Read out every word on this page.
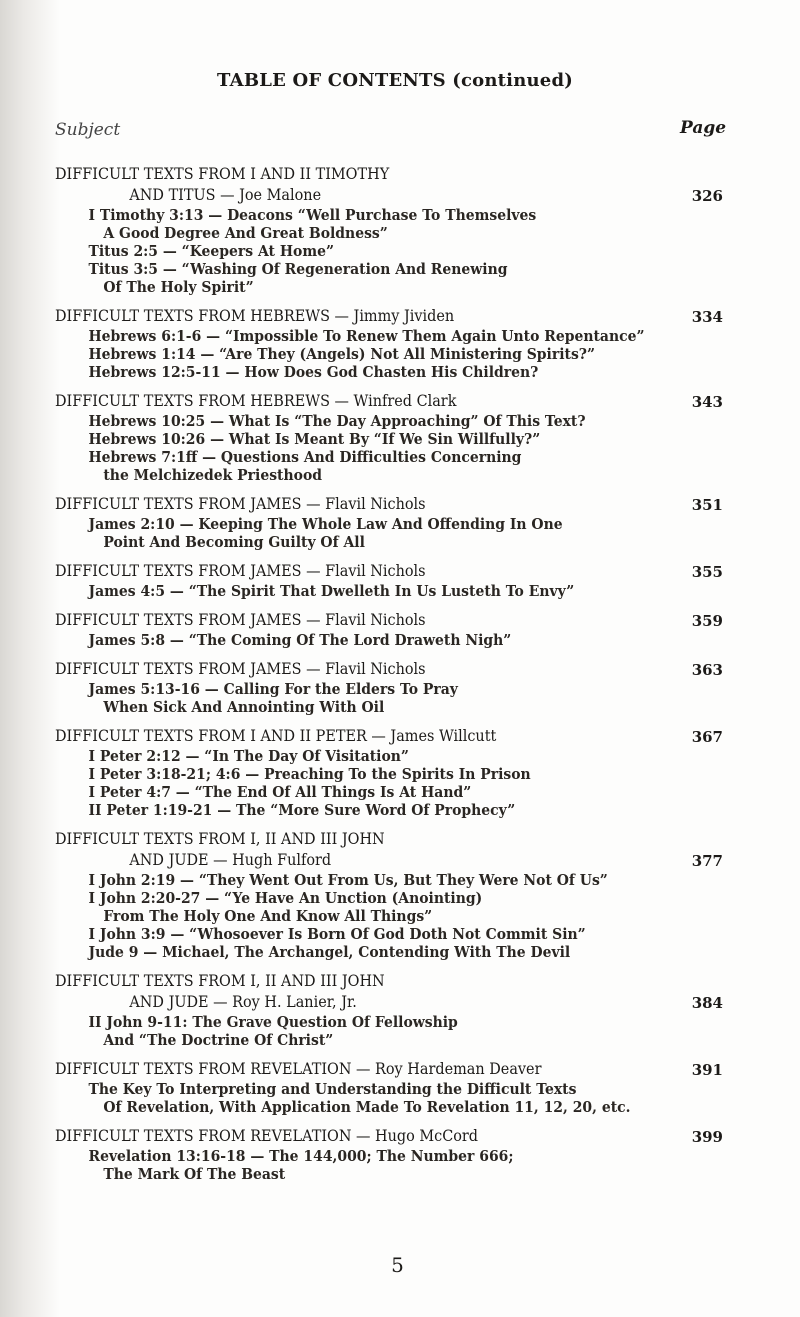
TABLE OF CONTENTS (continued)
Subject	Page
DIFFICULT TEXTS FROM I AND II TIMOTHY
AND TITUS — Joe Malone	326
I Timothy 3:13 — Deacons “Well Purchase To Themselves
A Good Degree And Great Boldness”
Titus 2:5 — “Keepers At Home”
Titus 3:5 — “Washing Of Regeneration And Renewing
Of The Holy Spirit”
DIFFICULT TEXTS FROM HEBREWS — Jimmy Jividen	334
Hebrews 6:1-6 — “Impossible To Renew Them Again Unto Repentance”
Hebrews 1:14 — “Are They (Angels) Not All Ministering Spirits?”
Hebrews 12:5-11 — How Does God Chasten His Children?
DIFFICULT TEXTS FROM HEBREWS — Winfred Clark	343
Hebrews 10:25 — What Is “The Day Approaching” Of This Text?
Hebrews 10:26 — What Is Meant By “If We Sin Willfully?”
Hebrews 7:1ff — Questions And Difficulties Concerning
the Melchizedek Priesthood
DIFFICULT TEXTS FROM JAMES — Flavil Nichols	351
James 2:10 — Keeping The Whole Law And Offending In One
Point And Becoming Guilty Of All
DIFFICULT TEXTS FROM JAMES — Flavil Nichols	355
James 4:5 — “The Spirit That Dwelleth In Us Lusteth To Envy”
DIFFICULT TEXTS FROM JAMES — Flavil Nichols	359
James 5:8 — “The Coming Of The Lord Draweth Nigh”
DIFFICULT TEXTS FROM JAMES — Flavil Nichols	363
James 5:13-16 — Calling For the Elders To Pray
When Sick And Annointing With Oil
DIFFICULT TEXTS FROM I AND II PETER — James Willcutt	367
I Peter 2:12 — “In The Day Of Visitation”
I Peter 3:18-21; 4:6 — Preaching To the Spirits In Prison
I Peter 4:7 — “The End Of All Things Is At Hand”
II Peter 1:19-21 — The “More Sure Word Of Prophecy”
DIFFICULT TEXTS FROM I, II AND III JOHN
AND JUDE — Hugh Fulford	377
I John 2:19 — “They Went Out From Us, But They Were Not Of Us”
I John 2:20-27 — “Ye Have An Unction (Anointing)
From The Holy One And Know All Things”
I John 3:9 — “Whosoever Is Born Of God Doth Not Commit Sin”
Jude 9 — Michael, The Archangel, Contending With The Devil
DIFFICULT TEXTS FROM I, II AND III JOHN
AND JUDE — Roy H. Lanier, Jr.	384
II John 9-11: The Grave Question Of Fellowship
And “The Doctrine Of Christ”
DIFFICULT TEXTS FROM REVELATION — Roy Hardeman Deaver	391
The Key To Interpreting and Understanding the Difficult Texts
Of Revelation, With Application Made To Revelation 11, 12, 20, etc.
DIFFICULT TEXTS FROM REVELATION — Hugo McCord	399
Revelation 13:16-18 — The 144,000; The Number 666;
The Mark Of The Beast
5
